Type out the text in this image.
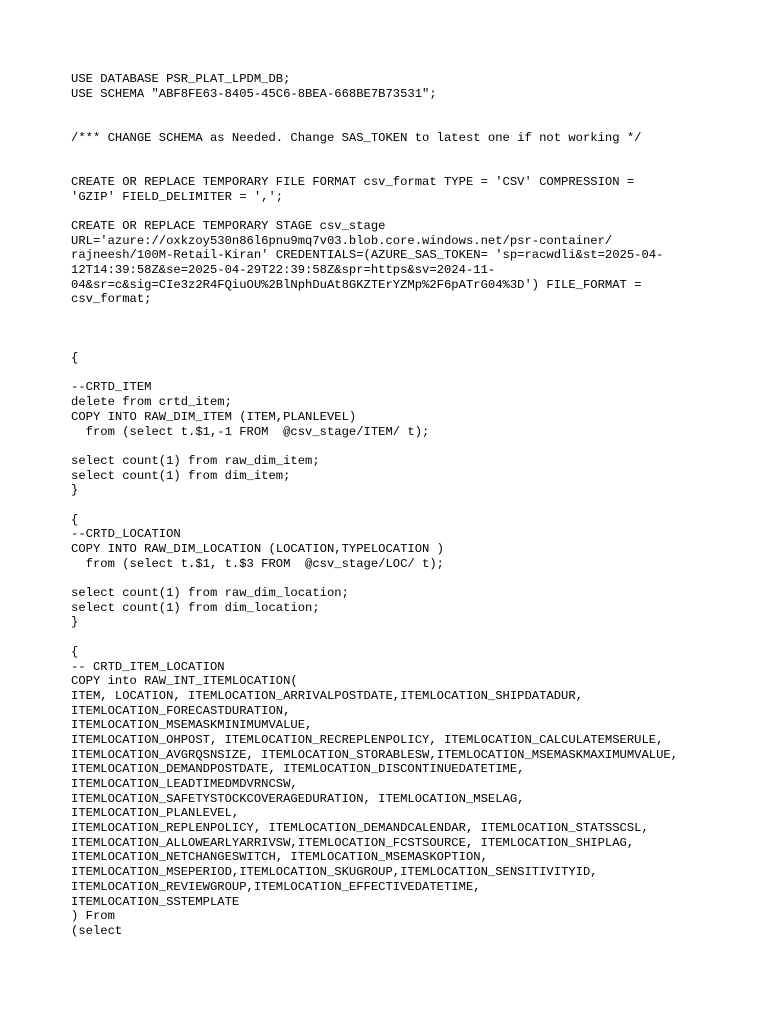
USE DATABASE PSR_PLAT_LPDM_DB;
USE SCHEMA "ABF8FE63-8405-45C6-8BEA-668BE7B73531";

/*** CHANGE SCHEMA as Needed. Change SAS_TOKEN to latest one if not working */

CREATE OR REPLACE TEMPORARY FILE FORMAT csv_format TYPE = 'CSV' COMPRESSION =
'GZIP' FIELD_DELIMITER = ',';

CREATE OR REPLACE TEMPORARY STAGE csv_stage
URL='azure://oxkzoy530n86l6pnu9mq7v03.blob.core.windows.net/psr-container/
rajneesh/100M-Retail-Kiran' CREDENTIALS=(AZURE_SAS_TOKEN= 'sp=racwdli&st=2025-04-
12T14:39:58Z&se=2025-04-29T22:39:58Z&spr=https&sv=2024-11-
04&sr=c&sig=CIe3z2R4FQiuOU%2BlNphDuAt8GKZTErYZMp%2F6pATrG04%3D') FILE_FORMAT =
csv_format;

{

--CRTD_ITEM
delete from crtd_item;
COPY INTO RAW_DIM_ITEM (ITEM,PLANLEVEL)
from (select t.$1,-1 FROM  @csv_stage/ITEM/ t);

select count(1) from raw_dim_item;
select count(1) from dim_item;
}

{
--CRTD_LOCATION
COPY INTO RAW_DIM_LOCATION (LOCATION,TYPELOCATION )
from (select t.$1, t.$3 FROM  @csv_stage/LOC/ t);

select count(1) from raw_dim_location;
select count(1) from dim_location;
}

{
-- CRTD_ITEM_LOCATION
COPY into RAW_INT_ITEMLOCATION(
ITEM, LOCATION, ITEMLOCATION_ARRIVALPOSTDATE,ITEMLOCATION_SHIPDATADUR,
ITEMLOCATION_FORECASTDURATION,
ITEMLOCATION_MSEMASKMINIMUMVALUE,
ITEMLOCATION_OHPOST, ITEMLOCATION_RECREPLENPOLICY, ITEMLOCATION_CALCULATEMSERULE,
ITEMLOCATION_AVGRQSNSIZE, ITEMLOCATION_STORABLESW,ITEMLOCATION_MSEMASKMAXIMUMVALUE,
ITEMLOCATION_DEMANDPOSTDATE, ITEMLOCATION_DISCONTINUEDATETIME,
ITEMLOCATION_LEADTIMEDMDVRNCSW,
ITEMLOCATION_SAFETYSTOCKCOVERAGEDURATION, ITEMLOCATION_MSELAG,
ITEMLOCATION_PLANLEVEL,
ITEMLOCATION_REPLENPOLICY, ITEMLOCATION_DEMANDCALENDAR, ITEMLOCATION_STATSSCSL,
ITEMLOCATION_ALLOWEARLYARRIVSW,ITEMLOCATION_FCSTSOURCE, ITEMLOCATION_SHIPLAG,
ITEMLOCATION_NETCHANGESWITCH, ITEMLOCATION_MSEMASKOPTION,
ITEMLOCATION_MSEPERIOD,ITEMLOCATION_SKUGROUP,ITEMLOCATION_SENSITIVITYID,
ITEMLOCATION_REVIEWGROUP,ITEMLOCATION_EFFECTIVEDATETIME,
ITEMLOCATION_SSTEMPLATE
) From
(select
